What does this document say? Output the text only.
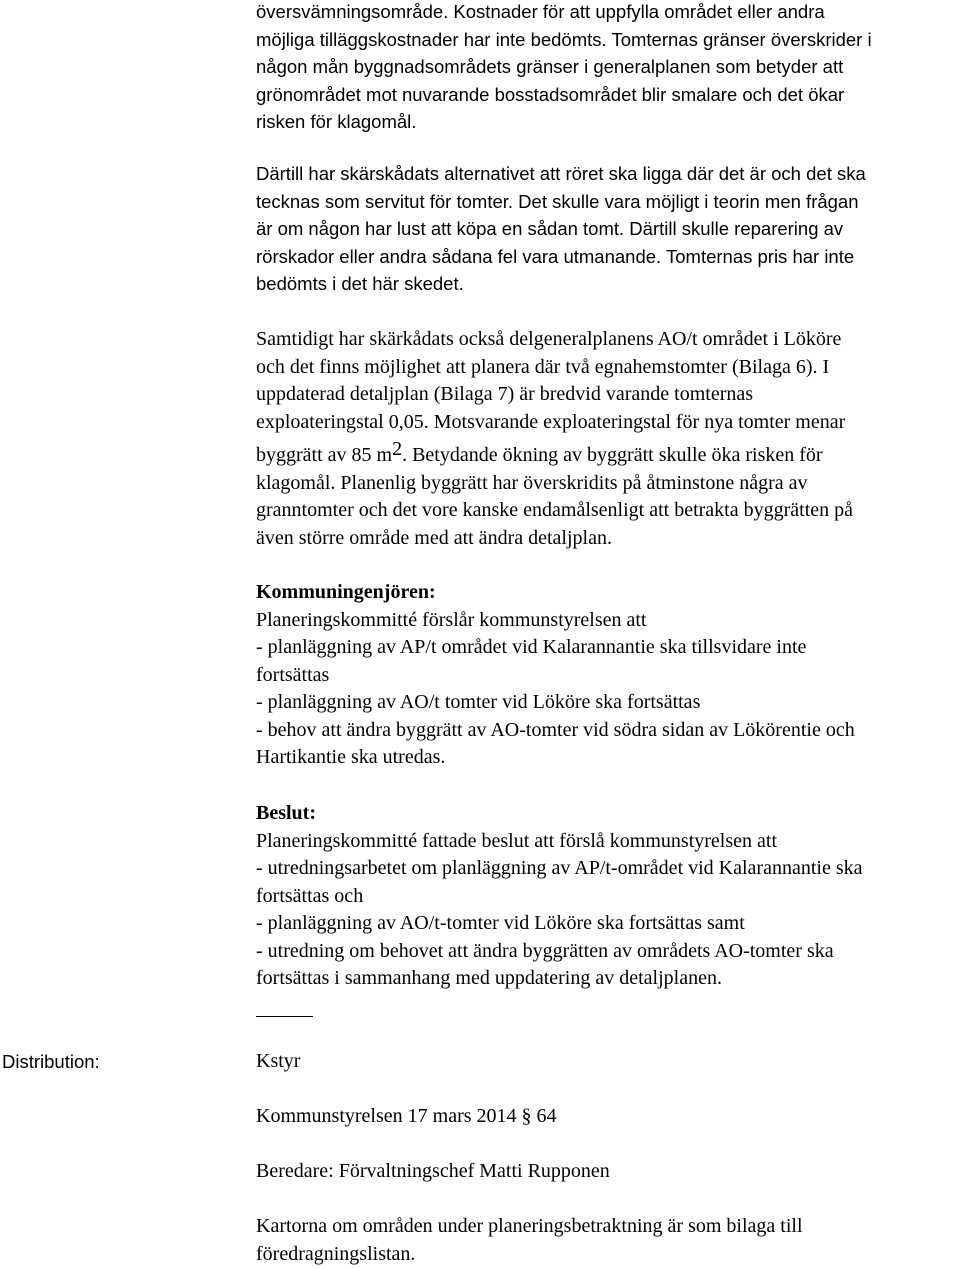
översvämningsområde. Kostnader för att uppfylla området eller andra
möjliga tilläggskostnader har inte bedömts. Tomternas gränser överskrider i
någon mån byggnadsområdets gränser i generalplanen som betyder att
grönområdet mot nuvarande bosstadsområdet blir smalare och det ökar
risken för klagomål.
Därtill har skärskådats alternativet att röret ska ligga där det är och det ska
tecknas som servitut för tomter. Det skulle vara möjligt i teorin men frågan
är om någon har lust att köpa en sådan tomt. Därtill skulle reparering av
rörskador eller andra sådana fel vara utmanande. Tomternas pris har inte
bedömts i det här skedet.
Samtidigt har skärkådats också delgeneralplanens AO/t området i Lököre
och det finns möjlighet att planera där två egnahemstomter (Bilaga 6). I
uppdaterad detaljplan (Bilaga 7) är bredvid varande tomternas
exploateringstal 0,05. Motsvarande exploateringstal för nya tomter menar
byggrätt av 85 $m^2$. Betydande ökning av byggrätt skulle öka risken för
klagomål. Planenlig byggrätt har överskridits på åtminstone några av
granntomter och det vore kanske endamålsenligt att betrakta byggrätten på
även större område med att ändra detaljplan.
Kommuningenjören:
Planeringskommitté förslår kommunstyrelsen att
- planläggning av AP/t området vid Kalarannantie ska tillsvidare inte
fortsättas
- planläggning av AO/t tomter vid Lököre ska fortsättas
- behov att ändra byggrätt av AO-tomter vid södra sidan av Lökörentie och
Hartikantie ska utredas.
Beslut:
Planeringskommitté fattade beslut att förslå kommunstyrelsen att
- utredningsarbetet om planläggning av AP/t-området vid Kalarannantie ska
fortsättas och
- planläggning av AO/t-tomter vid Lököre ska fortsättas samt
- utredning om behovet att ändra byggrätten av områdets AO-tomter ska
fortsättas i sammanhang med uppdatering av detaljplanen.
Distribution:	Kstyr
Kommunstyrelsen 17 mars 2014 § 64
Beredare: Förvaltningschef Matti Rupponen
Kartorna om områden under planeringsbetraktning är som bilaga till
föredragningslistan.
